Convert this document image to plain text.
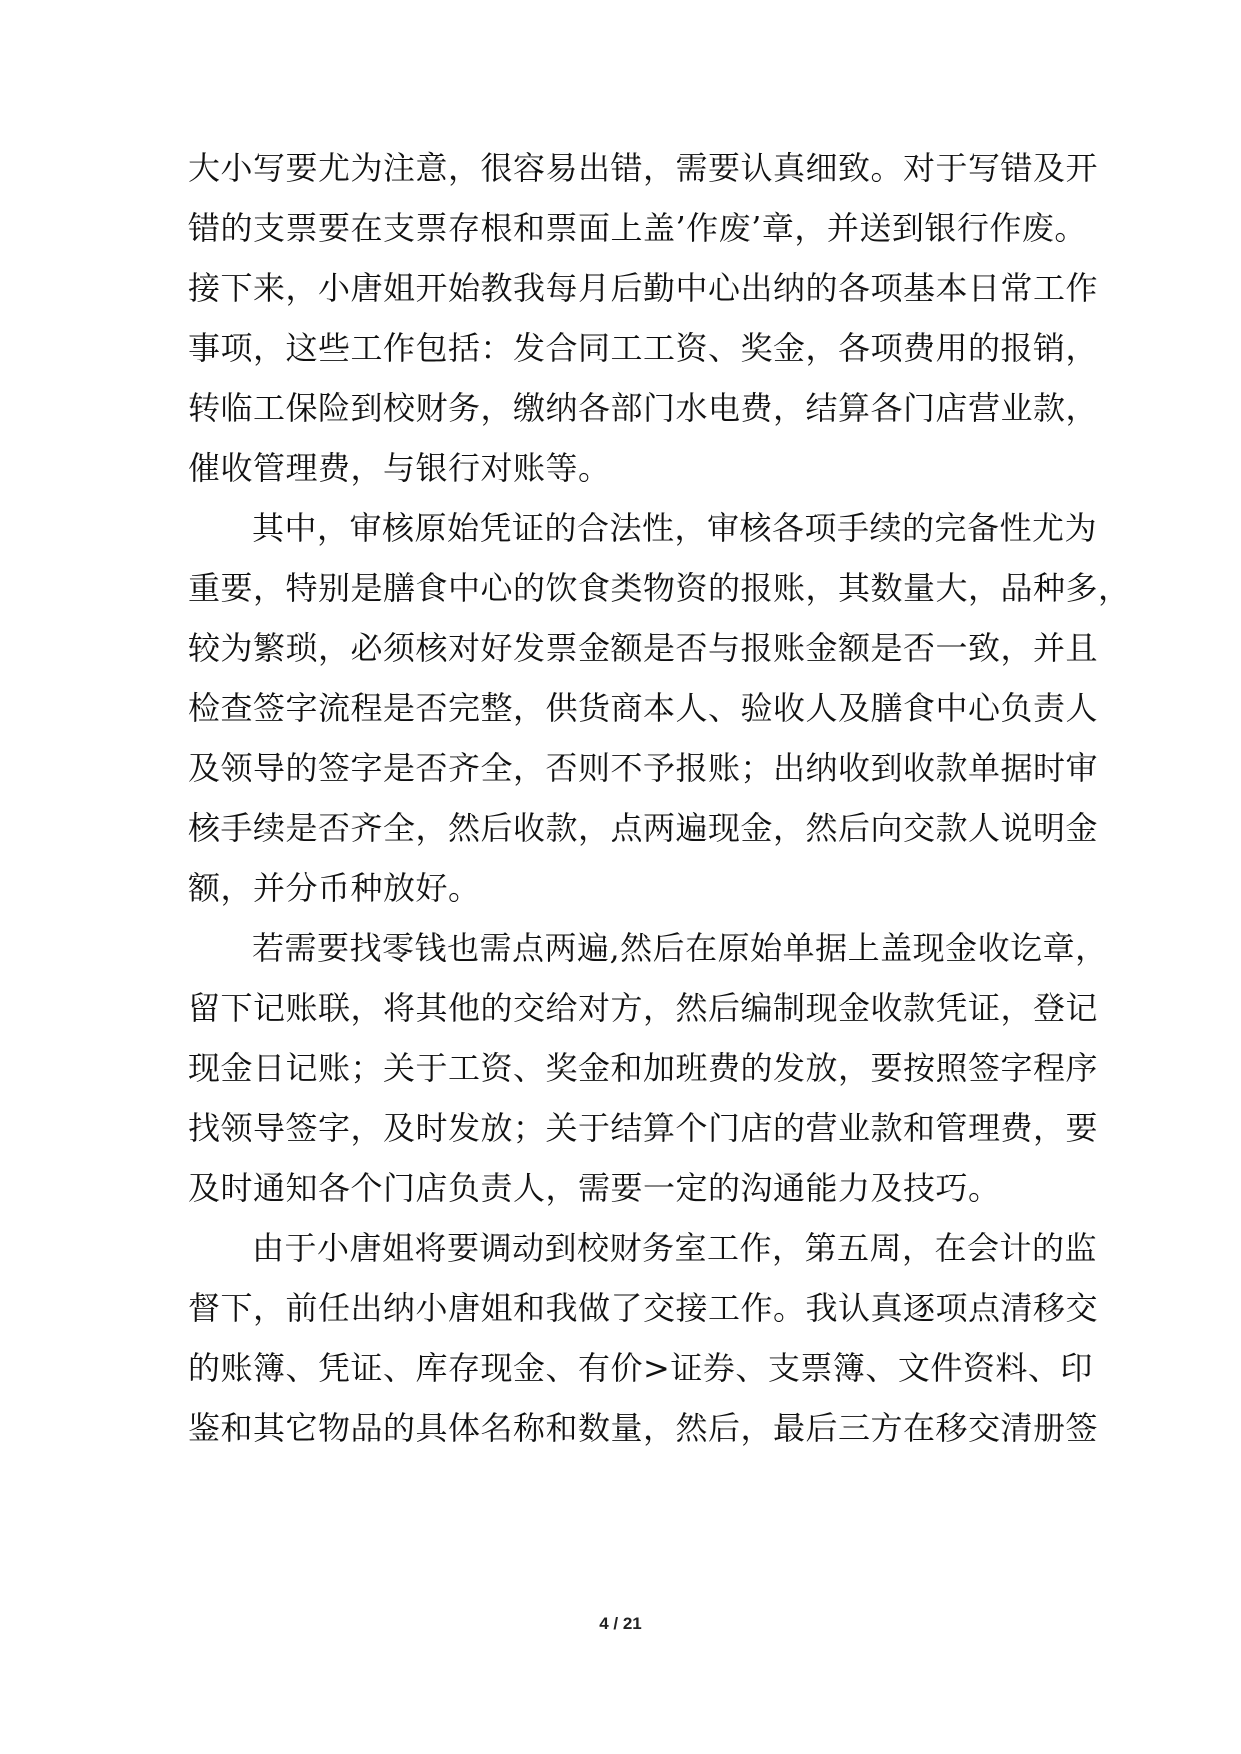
大小写要尤为注意，很容易出错，需要认真细致。对于写错及开
错的支票要在支票存根和票面上盖’作废’章，并送到银行作废。
接下来，小唐姐开始教我每月后勤中心出纳的各项基本日常工作
事项，这些工作包括：发合同工工资、奖金，各项费用的报销，
转临工保险到校财务，缴纳各部门水电费，结算各门店营业款，
催收管理费，与银行对账等。
其中，审核原始凭证的合法性，审核各项手续的完备性尤为
重要，特别是膳食中心的饮食类物资的报账，其数量大，品种多，
较为繁琐，必须核对好发票金额是否与报账金额是否一致，并且
检查签字流程是否完整，供货商本人、验收人及膳食中心负责人
及领导的签字是否齐全，否则不予报账；出纳收到收款单据时审
核手续是否齐全，然后收款，点两遍现金，然后向交款人说明金
额，并分币种放好。
若需要找零钱也需点两遍,然后在原始单据上盖现金收讫章，
留下记账联，将其他的交给对方，然后编制现金收款凭证，登记
现金日记账；关于工资、奖金和加班费的发放，要按照签字程序
找领导签字，及时发放；关于结算个门店的营业款和管理费，要
及时通知各个门店负责人，需要一定的沟通能力及技巧。
由于小唐姐将要调动到校财务室工作，第五周，在会计的监
督下，前任出纳小唐姐和我做了交接工作。我认真逐项点清移交
的账簿、凭证、库存现金、有价>证券、支票簿、文件资料、印
鉴和其它物品的具体名称和数量，然后，最后三方在移交清册签
4 / 21
